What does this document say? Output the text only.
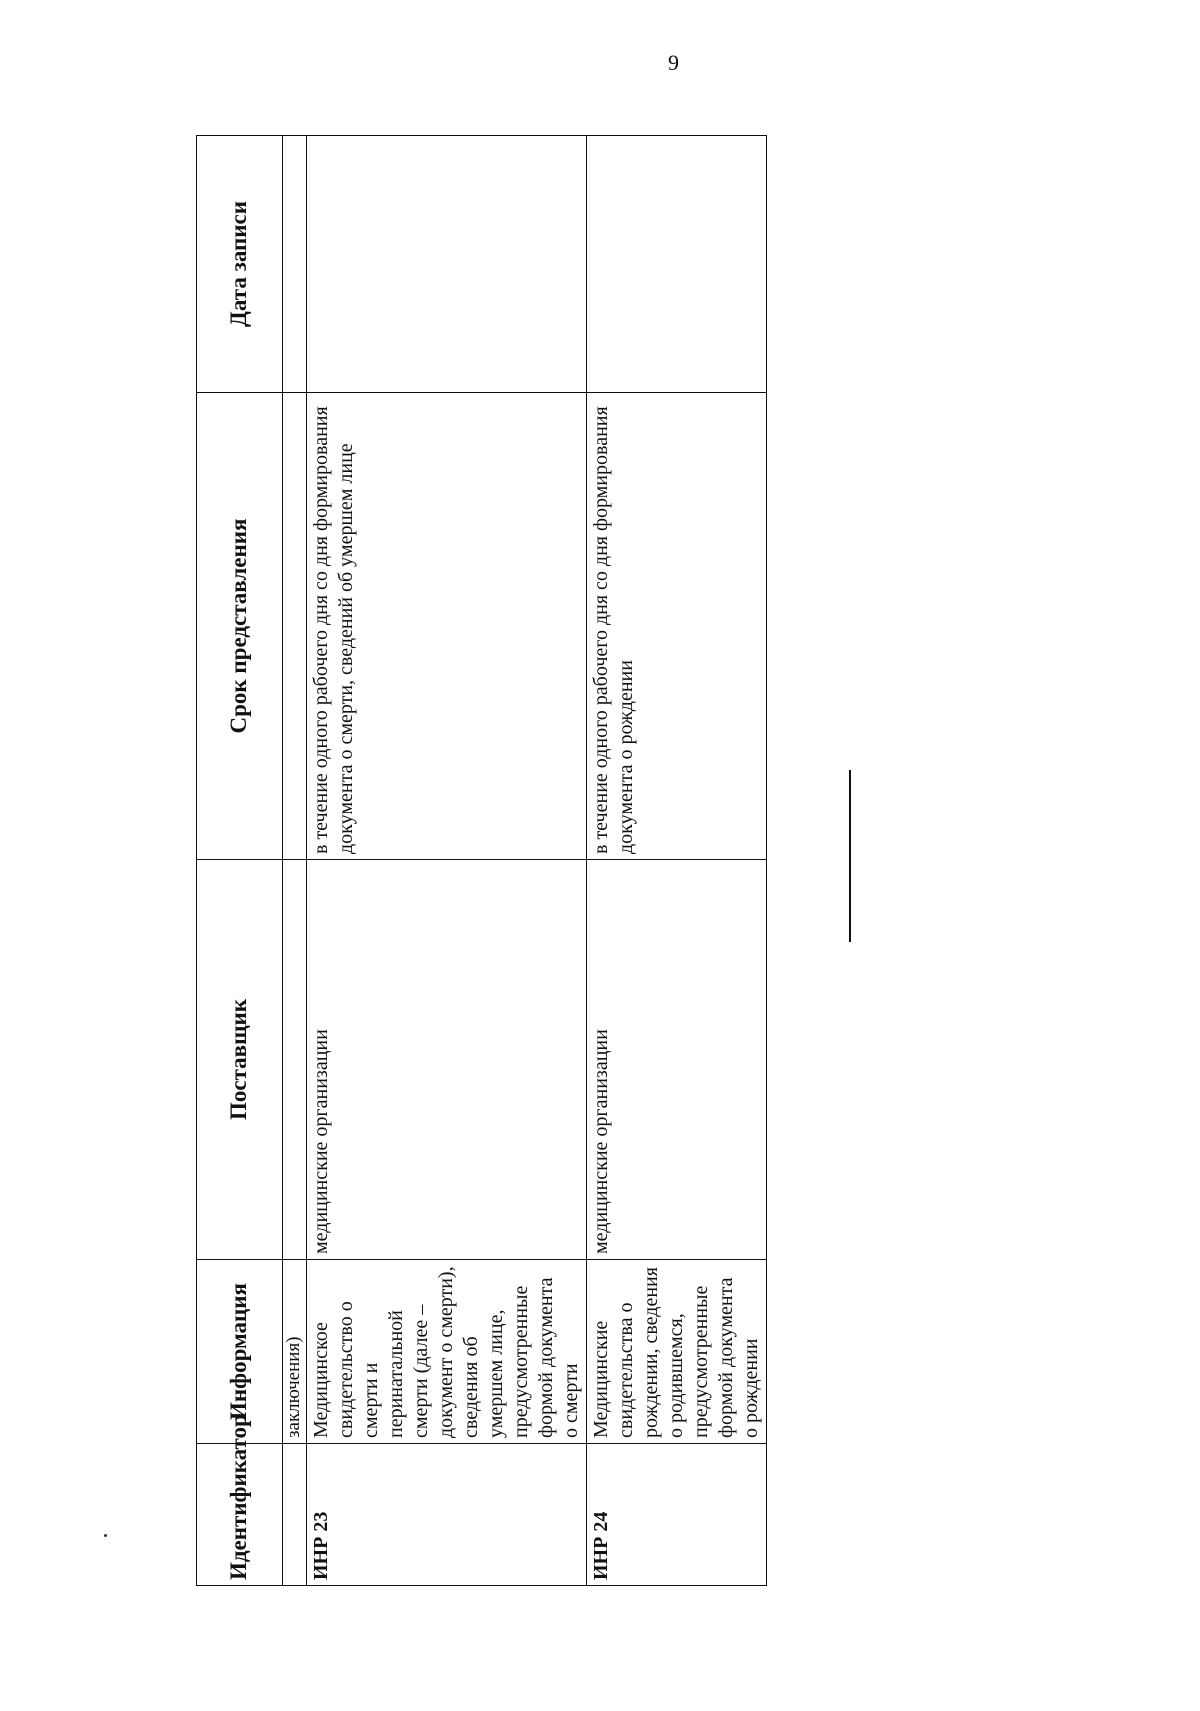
9
Идентификатор	Информация	Поставщик	Срок представления	Дата записи
	заключения)			
ИНР 23	Медицинское свидетельство о смерти и перинатальной смерти (далее – документ о смерти), сведения об умершем лице, предусмотренные формой документа о смерти	медицинские организации	в течение одного рабочего дня со дня формирования документа о смерти, сведений об умершем лице	
ИНР 24	Медицинские свидетельства о рождении, сведения о родившемся, предусмотренные формой документа о рождении	медицинские организации	в течение одного рабочего дня со дня формирования документа о рождении	
